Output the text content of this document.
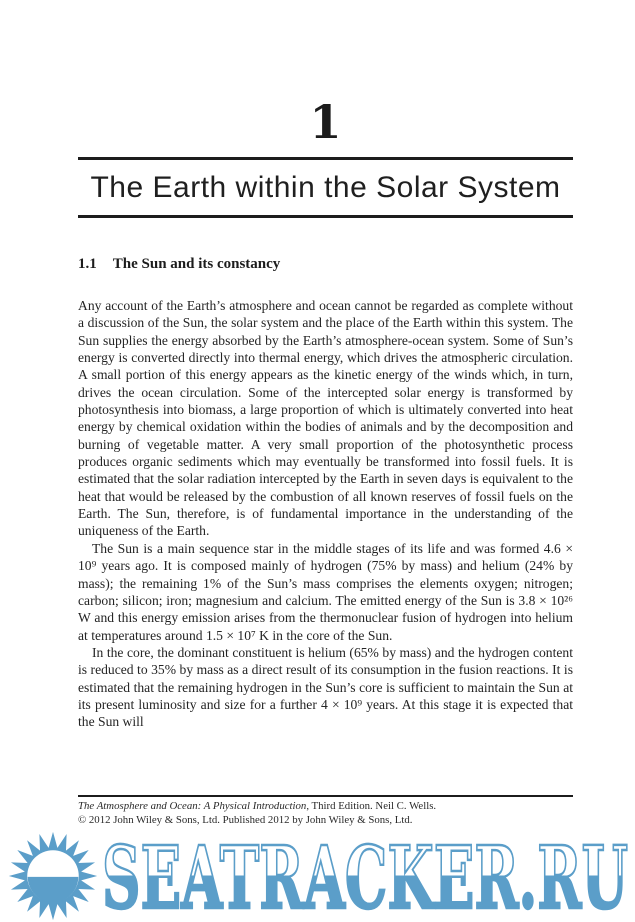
1
The Earth within the Solar System
1.1 The Sun and its constancy

Any account of the Earth’s atmosphere and ocean cannot be regarded as complete without a discussion of the Sun, the solar system and the place of the Earth within this system. The Sun supplies the energy absorbed by the Earth’s atmosphere-ocean system. Some of Sun’s energy is converted directly into thermal energy, which drives the atmospheric circulation. A small portion of this energy appears as the kinetic energy of the winds which, in turn, drives the ocean circulation. Some of the intercepted solar energy is transformed by photosynthesis into biomass, a large proportion of which is ultimately converted into heat energy by chemical oxidation within the bodies of animals and by the decomposition and burning of vegetable matter. A very small proportion of the photosynthetic process produces organic sediments which may eventually be transformed into fossil fuels. It is estimated that the solar radiation intercepted by the Earth in seven days is equivalent to the heat that would be released by the combustion of all known reserves of fossil fuels on the Earth. The Sun, therefore, is of fundamental importance in the understanding of the uniqueness of the Earth.

The Sun is a main sequence star in the middle stages of its life and was formed 4.6 × 10⁹ years ago. It is composed mainly of hydrogen (75% by mass) and helium (24% by mass); the remaining 1% of the Sun’s mass comprises the elements oxygen; nitrogen; carbon; silicon; iron; magnesium and calcium. The emitted energy of the Sun is 3.8 × 10²⁶ W and this energy emission arises from the thermonuclear fusion of hydrogen into helium at temperatures around 1.5 × 10⁷ K in the core of the Sun.

In the core, the dominant constituent is helium (65% by mass) and the hydrogen content is reduced to 35% by mass as a direct result of its consumption in the fusion reactions. It is estimated that the remaining hydrogen in the Sun’s core is sufficient to maintain the Sun at its present luminosity and size for a further 4 × 10⁹ years. At this stage it is expected that the Sun will

The Atmosphere and Ocean: A Physical Introduction, Third Edition. Neil C. Wells.
© 2012 John Wiley & Sons, Ltd. Published 2012 by John Wiley & Sons, Ltd.
SEATRACKER.RU
